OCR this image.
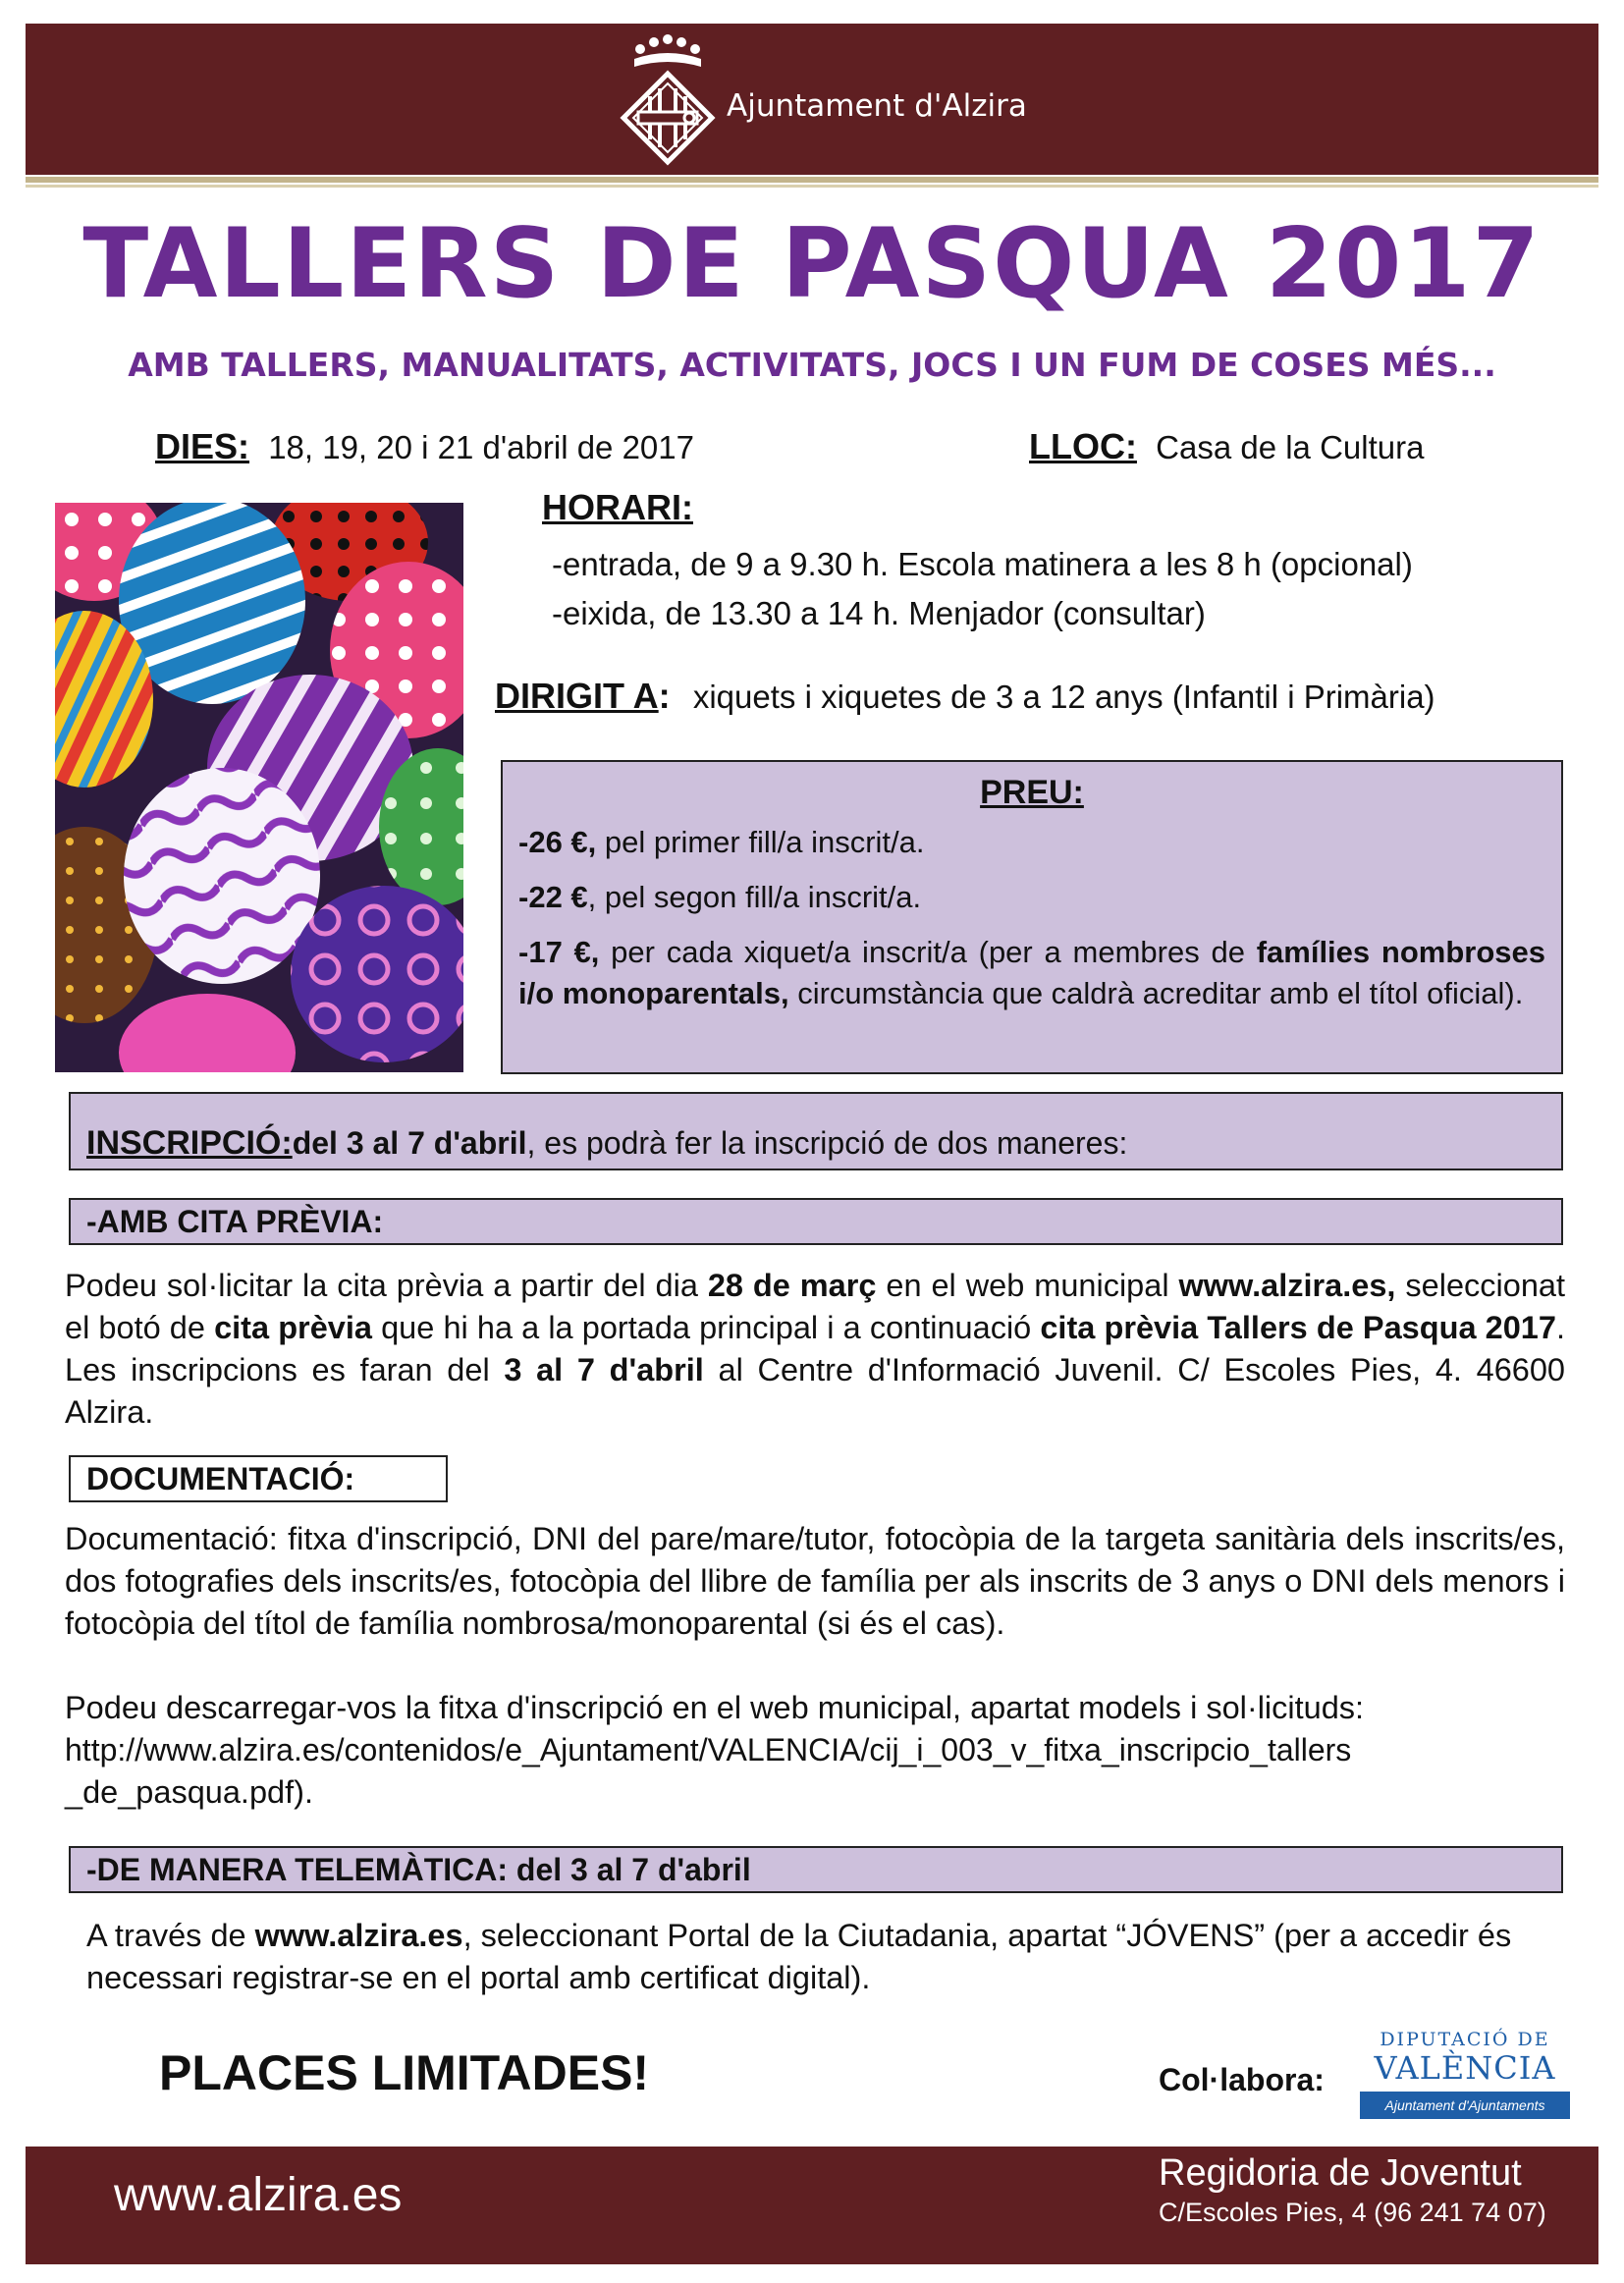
Ajuntament d'Alzira
TALLERS DE PASQUA 2017
AMB TALLERS, MANUALITATS, ACTIVITATS, JOCS I UN FUM DE COSES MÉS...
DIES: 18, 19, 20 i 21 d'abril de 2017	LLOC: Casa de la Cultura
HORARI:
-entrada, de 9 a 9.30 h. Escola matinera a les 8 h (opcional)
-eixida, de 13.30 a 14 h. Menjador (consultar)
DIRIGIT A: xiquets i xiquetes de 3 a 12 anys (Infantil i Primària)
PREU:
-26 €, pel primer fill/a inscrit/a.
-22 €, pel segon fill/a inscrit/a.
-17 €, per cada xiquet/a inscrit/a (per a membres de famílies nombroses i/o monoparentals, circumstància que caldrà acreditar amb el títol oficial).
INSCRIPCIÓ: del 3 al 7 d'abril , es podrà fer la inscripció de dos maneres:
-AMB CITA PRÈVIA:
Podeu sol·licitar la cita prèvia a partir del dia 28 de març en el web municipal www.alzira.es, seleccionat el botó de cita prèvia que hi ha a la portada principal i a continuació cita prèvia Tallers de Pasqua 2017. Les inscripcions es faran del 3 al 7 d'abril al Centre d'Informació Juvenil. C/ Escoles Pies, 4. 46600 Alzira.
DOCUMENTACIÓ:
Documentació: fitxa d'inscripció, DNI del pare/mare/tutor, fotocòpia de la targeta sanitària dels inscrits/es, dos fotografies dels inscrits/es, fotocòpia del llibre de família per als inscrits de 3 anys o DNI dels menors i fotocòpia del títol de família nombrosa/monoparental (si és el cas).
Podeu descarregar-vos la fitxa d'inscripció en el web municipal, apartat models i sol·licituds:
http://www.alzira.es/contenidos/e_Ajuntament/VALENCIA/cij_i_003_v_fitxa_inscripcio_tallers
_de_pasqua.pdf).
-DE MANERA TELEMÀTICA : del 3 al 7 d'abril
A través de www.alzira.es, seleccionant Portal de la Ciutadania, apartat “JÓVENS” (per a accedir és necessari registrar-se en el portal amb certificat digital).
PLACES LIMITADES!	Col·labora:
DIPUTACIÓ DE
VALÈNCIA
Ajuntament d'Ajuntaments
www.alzira.es	Regidoria de Joventut
C/Escoles Pies, 4 (96 241 74 07)
